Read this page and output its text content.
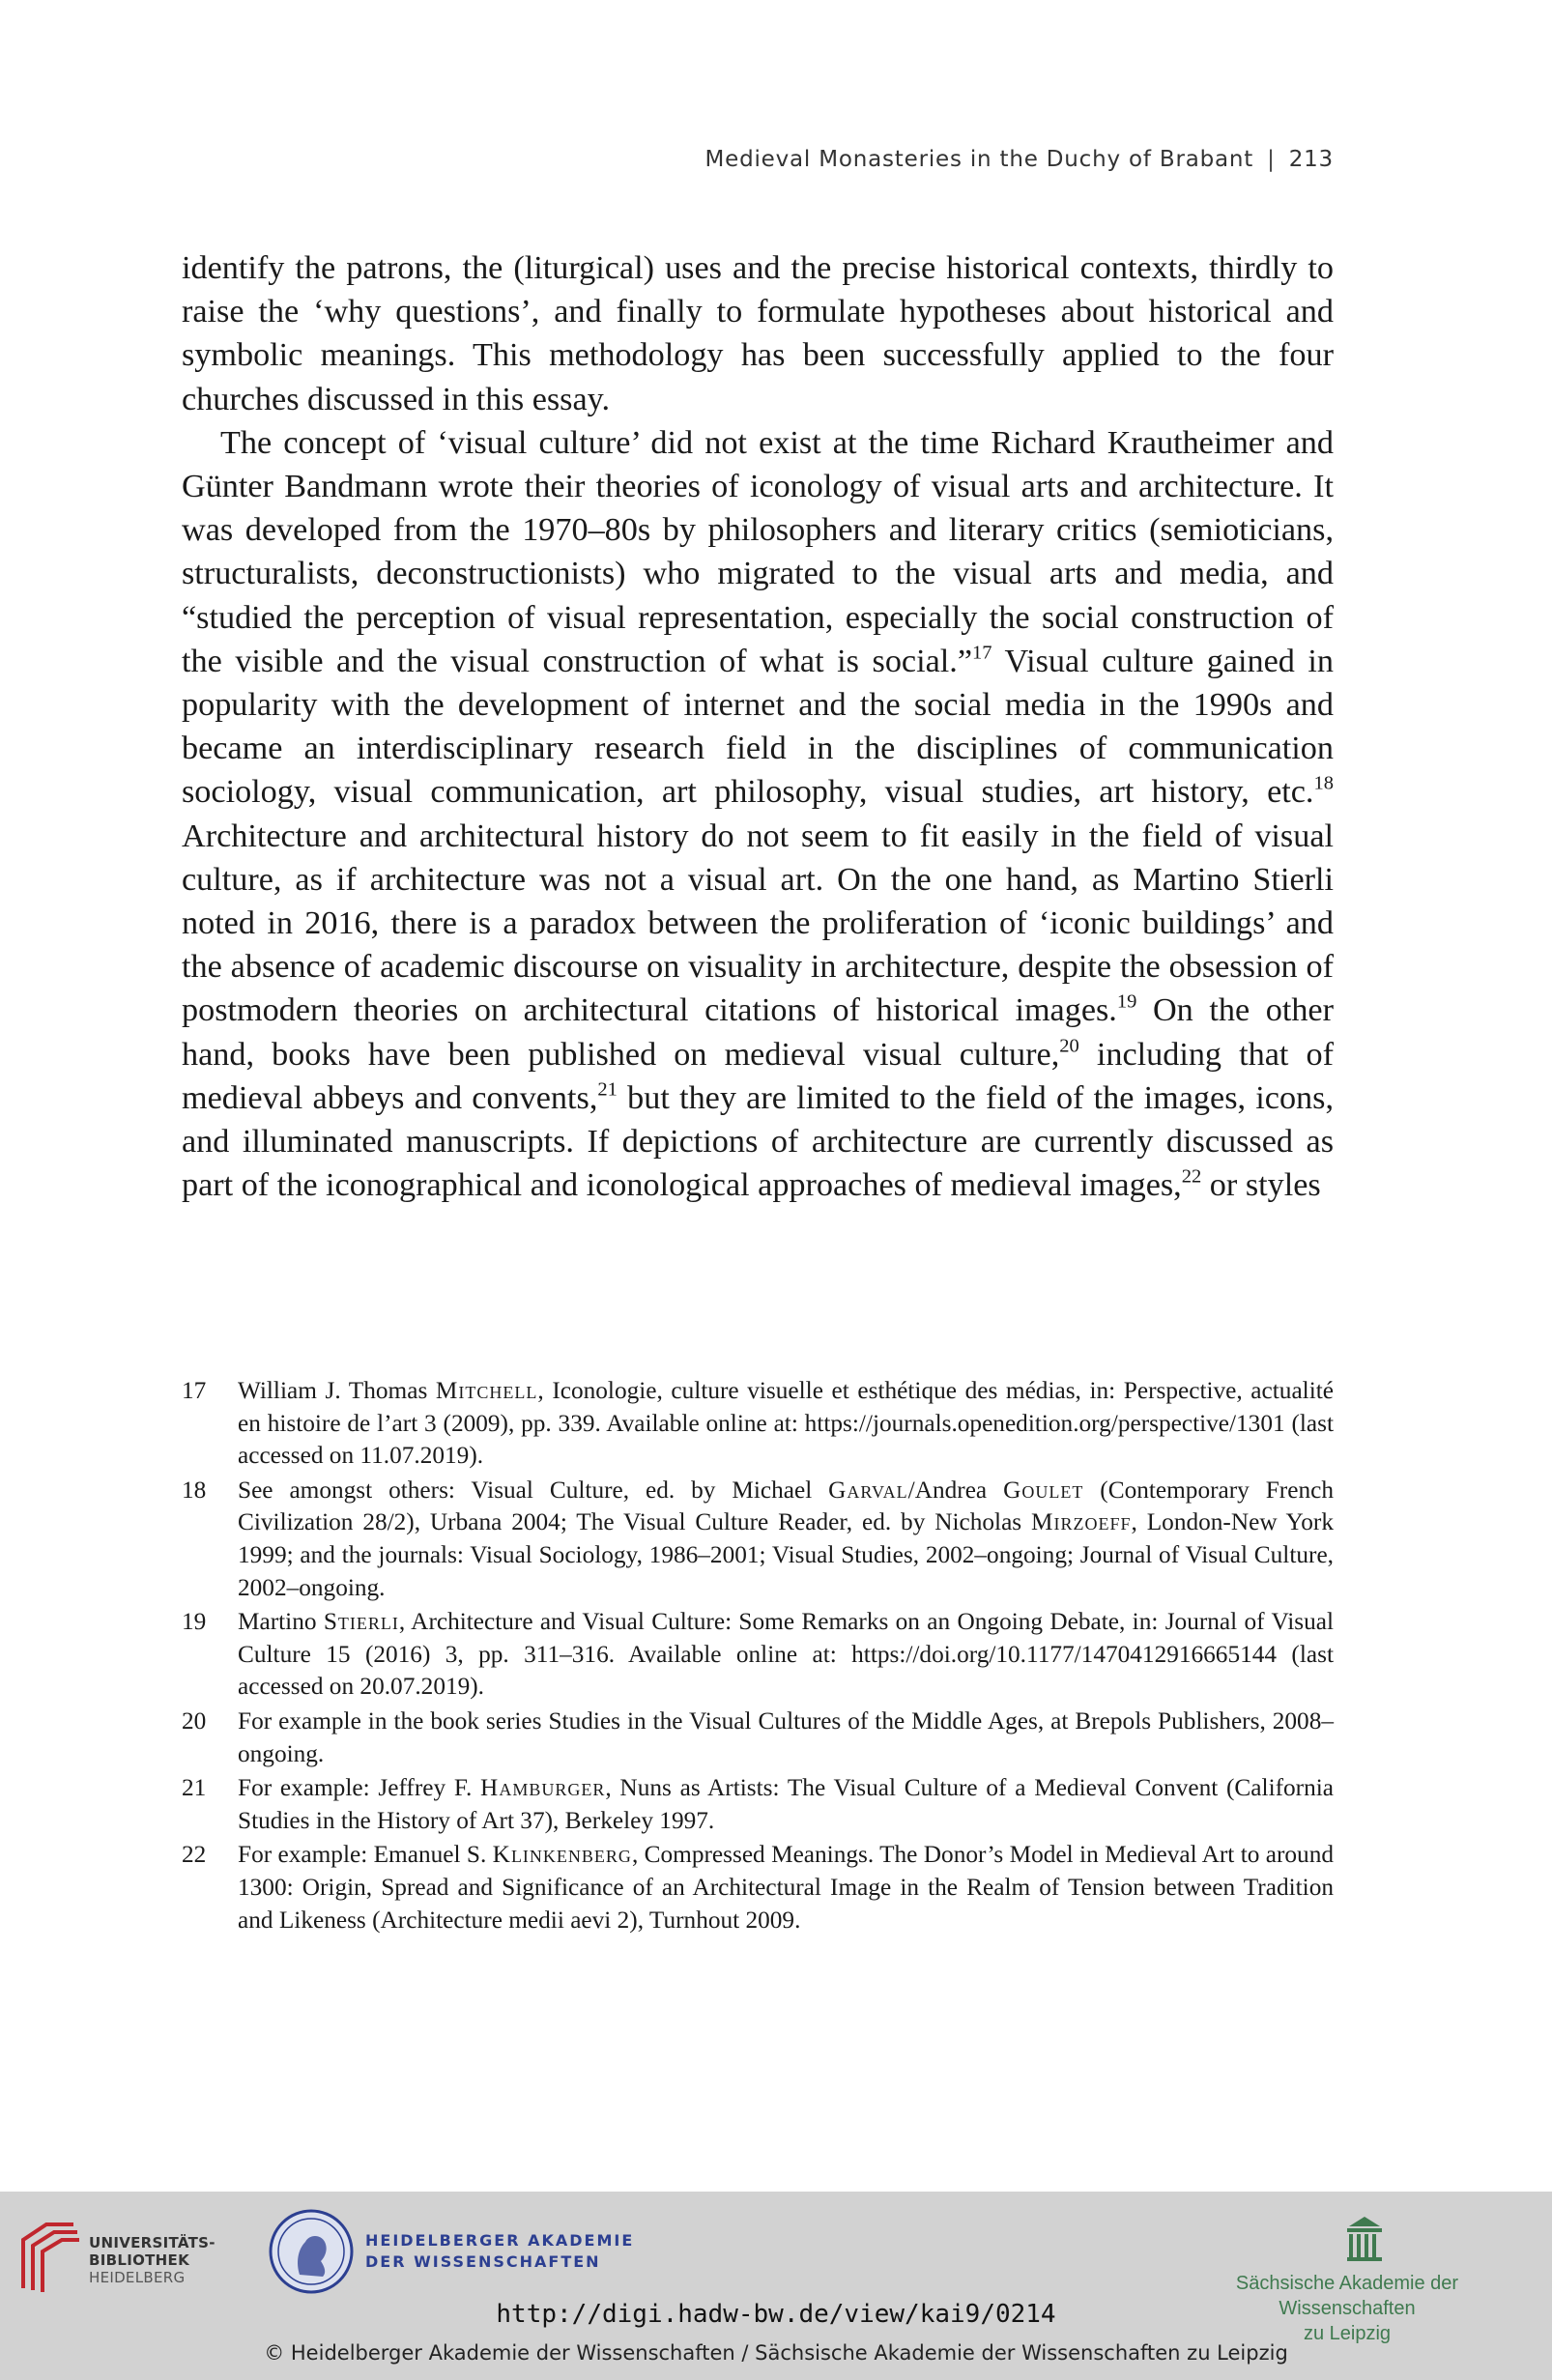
Medieval Monasteries in the Duchy of Brabant | 213

identify the patrons, the (liturgical) uses and the precise historical contexts, thirdly to raise the ‘why questions’, and finally to formulate hypotheses about historical and symbolic meanings. This methodology has been successfully applied to the four churches discussed in this essay.

The concept of ‘visual culture’ did not exist at the time Richard Krautheimer and Günter Bandmann wrote their theories of iconology of visual arts and architecture. It was developed from the 1970–80s by philosophers and literary critics (semioticians, structuralists, deconstructionists) who migrated to the visual arts and media, and “studied the perception of visual representation, especially the social construction of the visible and the visual construction of what is social.”$^{17}$ Visual culture gained in popularity with the development of internet and the social media in the 1990s and became an interdisciplinary research field in the disciplines of communication sociology, visual communication, art philosophy, visual studies, art history, etc.$^{18}$ Architecture and architectural history do not seem to fit easily in the field of visual culture, as if architecture was not a visual art. On the one hand, as Martino Stierli noted in 2016, there is a paradox between the proliferation of ‘iconic buildings’ and the absence of academic discourse on visuality in architecture, despite the obsession of postmodern theories on architectural citations of historical images.$^{19}$ On the other hand, books have been published on medieval visual culture,$^{20}$ including that of medieval abbeys and convents,$^{21}$ but they are limited to the field of the images, icons, and illuminated manuscripts. If depictions of architecture are currently discussed as part of the iconographical and iconological approaches of medieval images,$^{22}$ or styles

17 William J. Thomas Mitchell, Iconologie, culture visuelle et esthétique des médias, in: Perspective, actualité en histoire de l’art 3 (2009), pp. 339. Available online at: https://journals.​openedition.org/perspective/1301 (last accessed on 11.07.2019).
18 See amongst others: Visual Culture, ed. by Michael Garval/Andrea Goulet (Contemporary French Civilization 28/2), Urbana 2004; The Visual Culture Reader, ed. by Nicholas Mirzoeff, London-New York 1999; and the journals: Visual Sociology, 1986–2001; Visual Studies, 2002–ongoing; Journal of Visual Culture, 2002–ongoing.
19 Martino Stierli, Architecture and Visual Culture: Some Remarks on an Ongoing Debate, in: Journal of Visual Culture 15 (2016) 3, pp. 311–316. Available online at: https://doi.​org/10.1177/1470412916665144 (last accessed on 20.07.2019).
20 For example in the book series Studies in the Visual Cultures of the Middle Ages, at Brepols Publishers, 2008–ongoing.
21 For example: Jeffrey F. Hamburger, Nuns as Artists: The Visual Culture of a Medieval Convent (California Studies in the History of Art 37), Berkeley 1997.
22 For example: Emanuel S. Klinkenberg, Compressed Meanings. The Donor’s Model in Medieval Art to around 1300: Origin, Spread and Significance of an Architectural Image in the Realm of Tension between Tradition and Likeness (Architecture medii aevi 2), Turnhout 2009.
UNIVERSITÄTS-
BIBLIOTHEK
HEIDELBERG
HEIDELBERGER AKADEMIE
DER WISSENSCHAFTEN
Sächsische Akademie der Wissenschaften
zu Leipzig
http://digi.hadw-bw.de/view/kai9/0214
© Heidelberger Akademie der Wissenschaften / Sächsische Akademie der Wissenschaften zu Leipzig
